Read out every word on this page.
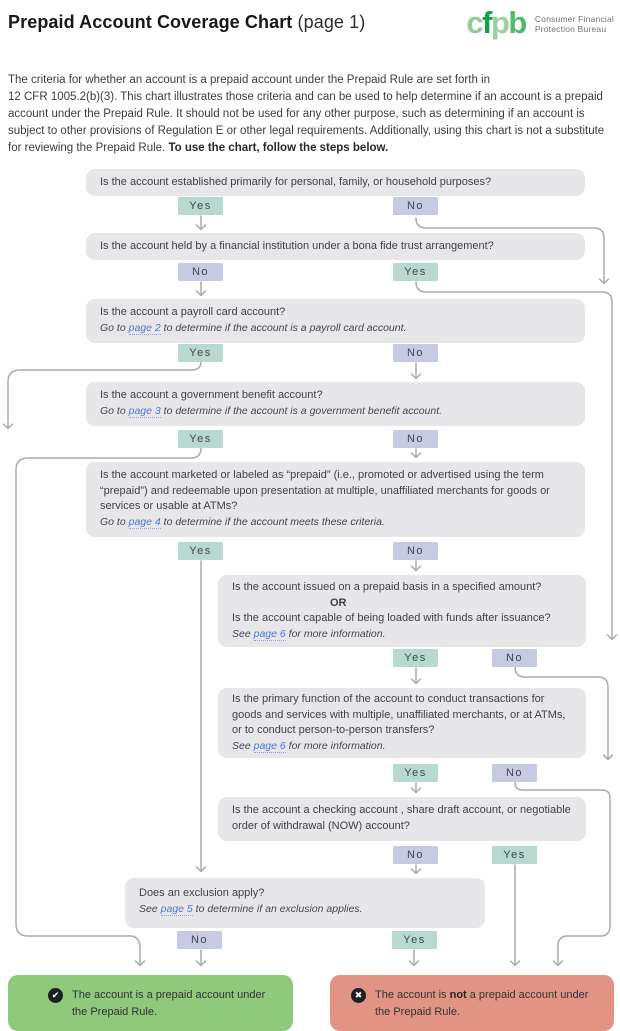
Prepaid Account Coverage Chart (page 1)	cfpb Consumer Financial
Protection Bureau

The criteria for whether an account is a prepaid account under the Prepaid Rule are set forth in
12 CFR 1005.2(b)(3). This chart illustrates those criteria and can be used to help determine if an account is a prepaid account under the Prepaid Rule. It should not be used for any other purpose, such as determining if an account is subject to other provisions of Regulation E or other legal requirements. Additionally, using this chart is not a substitute for reviewing the Prepaid Rule. To use the chart, follow the steps below.

Is the account established primarily for personal, family, or household purposes?
Is the account held by a financial institution under a bona fide trust arrangement?
Is the account a payroll card account?
Go to page 2 to determine if the account is a payroll card account.
Is the account a government benefit account?
Go to page 3 to determine if the account is a government benefit account.
Is the account marketed or labeled as “prepaid” (i.e., promoted or advertised using the term “prepaid”) and redeemable upon presentation at multiple, unaffiliated merchants for goods or services or usable at ATMs?
Go to page 4 to determine if the account meets these criteria.
Is the account issued on a prepaid basis in a specified amount?
OR
Is the account capable of being loaded with funds after issuance?
See page 6 for more information.
Is the primary function of the account to conduct transactions for goods and services with multiple, unaffiliated merchants, or at ATMs, or to conduct person-to-person transfers?
See page 6 for more information.
Is the account a checking account , share draft account, or negotiable order of withdrawal (NOW) account?
Does an exclusion apply?
See page 5 to determine if an exclusion applies.
Yes	No
No	Yes
Yes	No
Yes	No
Yes	No
Yes	No
Yes	No
No	Yes
No	Yes
✔	The account is a prepaid account under the Prepaid Rule.
✖	The account is not a prepaid account under the Prepaid Rule.
